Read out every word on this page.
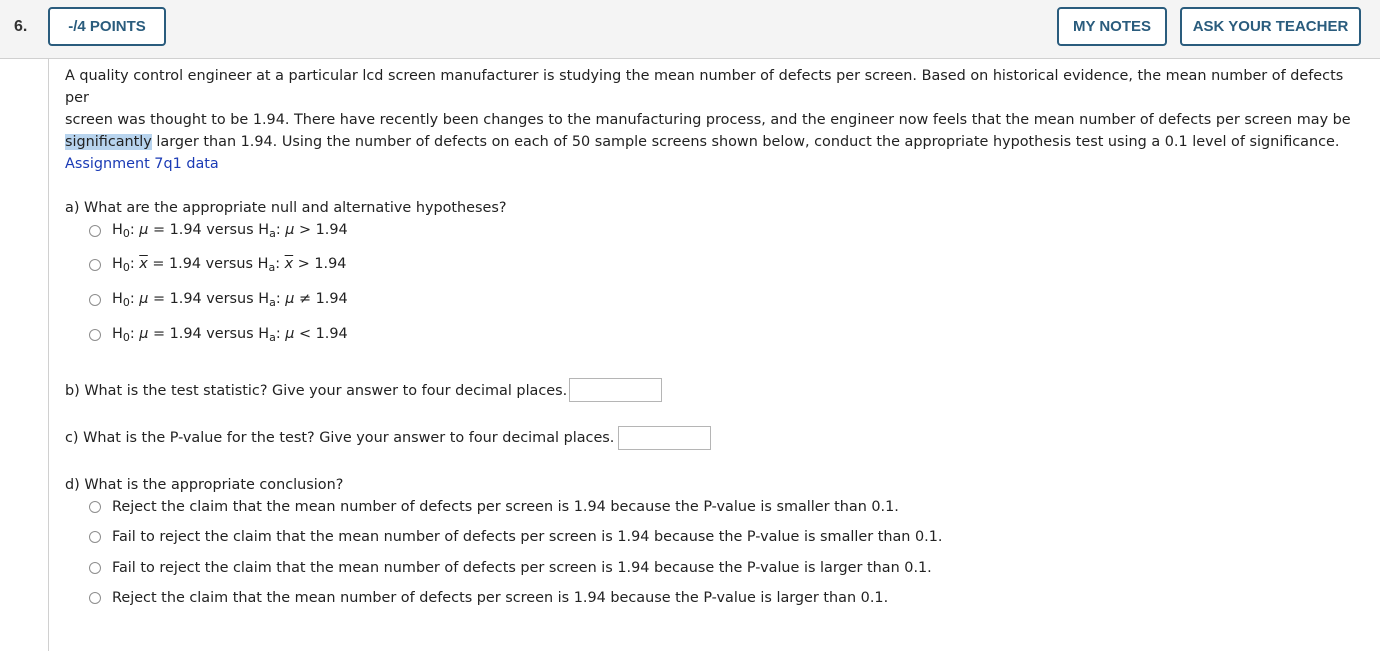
6.	-/4 POINTS	MY NOTES	ASK YOUR TEACHER
A quality control engineer at a particular lcd screen manufacturer is studying the mean number of defects per screen. Based on historical evidence, the mean number of defects per
screen was thought to be 1.94. There have recently been changes to the manufacturing process, and the engineer now feels that the mean number of defects per screen may be
significantly larger than 1.94. Using the number of defects on each of 50 sample screens shown below, conduct the appropriate hypothesis test using a 0.1 level of significance.
Assignment 7q1 data
a) What are the appropriate null and alternative hypotheses?
$H_0$: μ = 1.94 versus $H_a$: μ > 1.94
$H_0$: $\overline{x} = 1.94$ versus $H_a$: $\overline{x} > 1.94$
$H_0$: μ = 1.94 versus $H_a$: μ ≠ 1.94
$H_0$: μ = 1.94 versus $H_a$: μ < 1.94
b) What is the test statistic? Give your answer to four decimal places.
c) What is the P-value for the test? Give your answer to four decimal places.
d) What is the appropriate conclusion?
Reject the claim that the mean number of defects per screen is 1.94 because the P-value is smaller than 0.1.
Fail to reject the claim that the mean number of defects per screen is 1.94 because the P-value is smaller than 0.1.
Fail to reject the claim that the mean number of defects per screen is 1.94 because the P-value is larger than 0.1.
Reject the claim that the mean number of defects per screen is 1.94 because the P-value is larger than 0.1.
